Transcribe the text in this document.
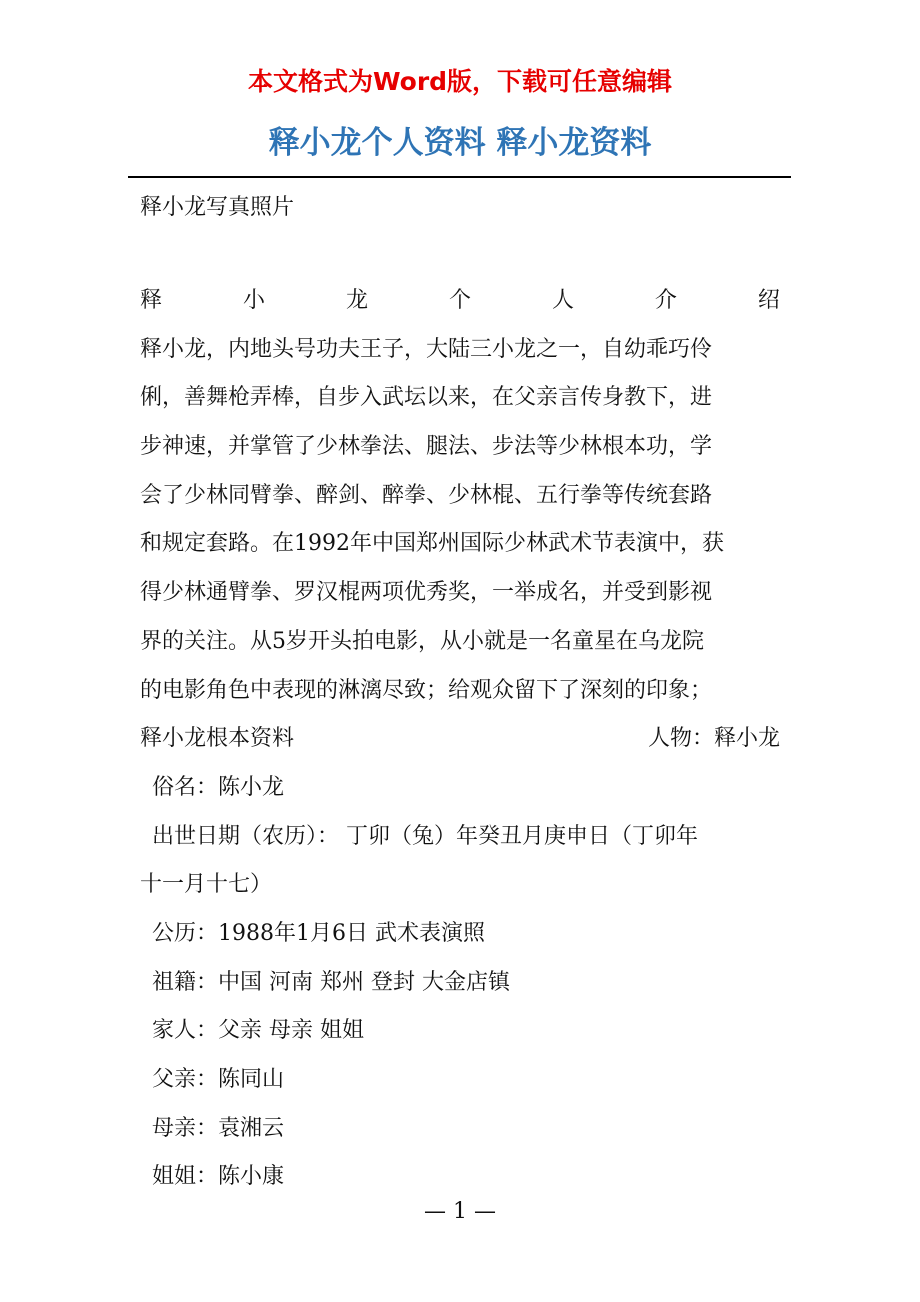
本文格式为Word版，下载可任意编辑
释小龙个人资料 释小龙资料
释小龙写真照片
释	小	龙	个	人	介	绍
释小龙，内地头号功夫王子，大陆三小龙之一，自幼乖巧伶
俐，善舞枪弄棒，自步入武坛以来，在父亲言传身教下，进
步神速，并掌管了少林拳法、腿法、步法等少林根本功，学
会了少林同臂拳、醉剑、醉拳、少林棍、五行拳等传统套路
和规定套路。在1992年中国郑州国际少林武术节表演中，获
得少林通臂拳、罗汉棍两项优秀奖，一举成名，并受到影视
界的关注。从5岁开头拍电影，从小就是一名童星在乌龙院
的电影角色中表现的淋漓尽致；给观众留下了深刻的印象；
释小龙根本资料	人物：释小龙
俗名：陈小龙
出世日期（农历）： 丁卯（兔）年癸丑月庚申日（丁卯年
十一月十七）
公历：1988年1月6日 武术表演照
祖籍：中国 河南 郑州 登封 大金店镇
家人：父亲 母亲 姐姐
父亲：陈同山
母亲：袁湘云
姐姐：陈小康
— 1 —
